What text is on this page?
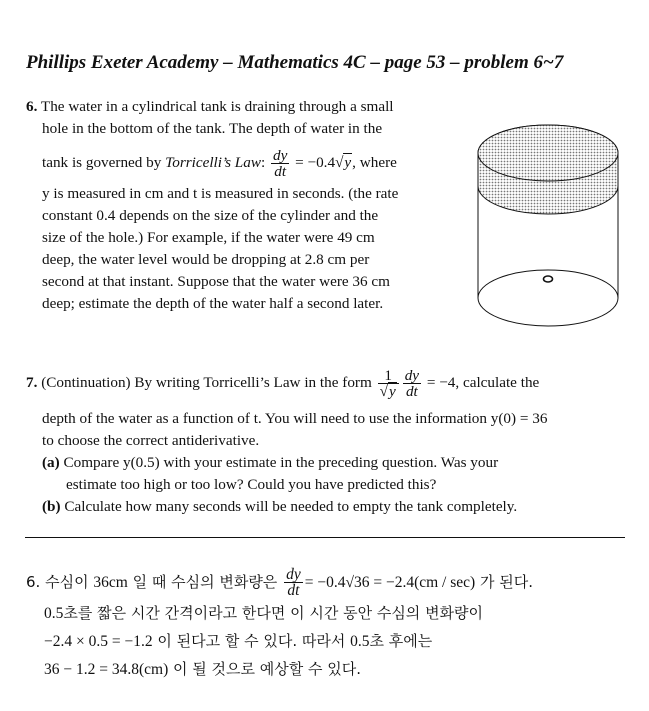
Phillips Exeter Academy – Mathematics 4C – page 53 – problem 6~7
6. The water in a cylindrical tank is draining through a small
hole in the bottom of the tank. The depth of water in the
tank is governed by Torricelli’s Law: $\frac{dy}{dt} = -0.4√y$, where
y is measured in cm and t is measured in seconds. (the rate
constant 0.4 depends on the size of the cylinder and the
size of the hole.) For example, if the water were 49 cm
deep, the water level would be dropping at 2.8 cm per
second at that instant. Suppose that the water were 36 cm
deep; estimate the depth of the water half a second later.
7. (Continuation) By writing Torricelli’s Law in the form $\frac{1}{√y} \frac{dy}{dt} = -4$, calculate the
depth of the water as a function of t. You will need to use the information y(0) = 36
to choose the correct antiderivative.
(a) Compare y(0.5) with your estimate in the preceding question. Was your
estimate too high or too low? Could you have predicted this?
(b) Calculate how many seconds will be needed to empty the tank completely.
6. 수심이 36cm 일 때 수심의 변화량은 $\frac{dy}{dt} = -0.4√36 = -2.4(cm / \sec)$ 가 된다.
0.5초를 짧은 시간 간격이라고 한다면 이 시간 동안 수심의 변화량이
−2.4 × 0.5 = −1.2 이 된다고 할 수 있다. 따라서 0.5초 후에는
36 − 1.2 = 34.8(cm) 이 될 것으로 예상할 수 있다.
